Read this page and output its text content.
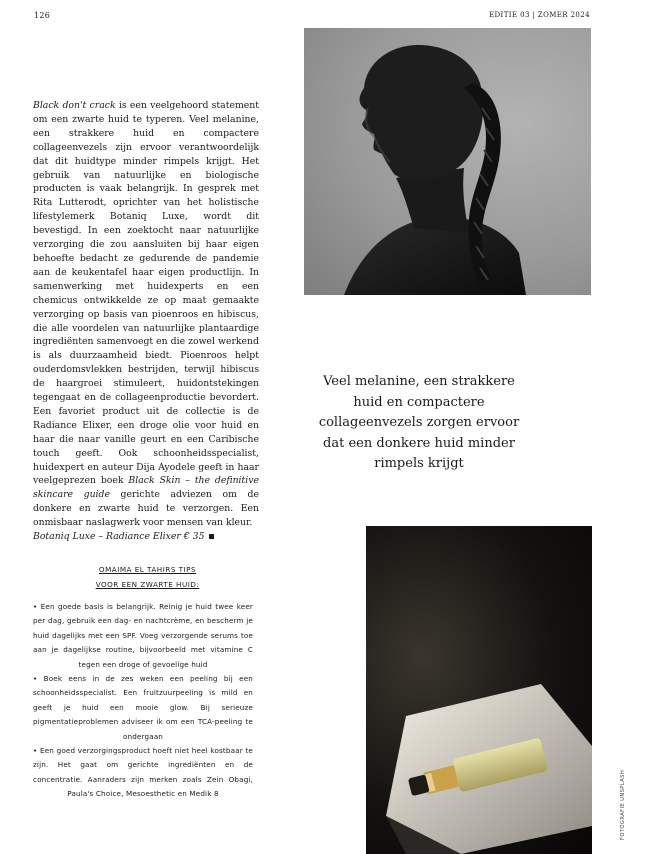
126	EDITIE 03 | ZOMER 2024
Black don't crack is een veelgehoord statement om een zwarte huid te typeren. Veel melanine, een strakkere huid en compactere collageenvezels zijn ervoor verantwoordelijk dat dit huidtype minder rimpels krijgt. Het gebruik van natuurlijke en biologische producten is vaak belangrijk. In gesprek met Rita Lutterodt, oprichter van het holistische lifestylemerk Botaniq Luxe, wordt dit bevestigd. In een zoektocht naar natuurlijke verzorging die zou aansluiten bij haar eigen behoefte bedacht ze gedurende de pandemie aan de keukentafel haar eigen productlijn. In samenwerking met huidexperts en een chemicus ontwikkelde ze op maat gemaakte verzorging op basis van pioenroos en hibiscus, die alle voordelen van natuurlijke plantaardige ingrediënten samenvoegt en die zowel werkend is als duurzaamheid biedt. Pioenroos helpt ouderdomsvlekken bestrijden, terwijl hibiscus de haargroei stimuleert, huidontstekingen tegengaat en de collageenproductie bevordert. Een favoriet product uit de collectie is de Radiance Elixer, een droge olie voor huid en haar die naar vanille geurt en een Caribische touch geeft. Ook schoonheidsspecialist, huidexpert en auteur Dija Ayodele geeft in haar veelgeprezen boek Black Skin – the definitive skincare guide gerichte adviezen om de donkere en zwarte huid te verzorgen. Een onmisbaar naslagwerk voor mensen van kleur.
Botaniq Luxe – Radiance Elixer € 35
Veel melanine, een strakkere huid en compactere collageenvezels zorgen ervoor dat een donkere huid minder rimpels krijgt
OMAIMA EL TAHIRS TIPS
VOOR EEN ZWARTE HUID:
• Een goede basis is belangrijk. Reinig je huid twee keer per dag, gebruik een dag- en nachtcrème, en bescherm je huid dagelijks met een SPF. Voeg verzorgende serums toe aan je dagelijkse routine, bijvoorbeeld met vitamine C tegen een droge of gevoelige huid
• Boek eens in de zes weken een peeling bij een schoonheidsspecialist. Een fruitzuurpeeling is mild en geeft je huid een mooie glow. Bij serieuze pigmentatieproblemen adviseer ik om een TCA-peeling te ondergaan
• Een goed verzorgingsproduct hoeft niet heel kostbaar te zijn. Het gaat om gerichte ingrediënten en de concentratie. Aanraders zijn merken zoals Zein Obagi, Paula's Choice, Mesoesthetic en Medik 8	FOTOGRAFIE UNSPLASH
